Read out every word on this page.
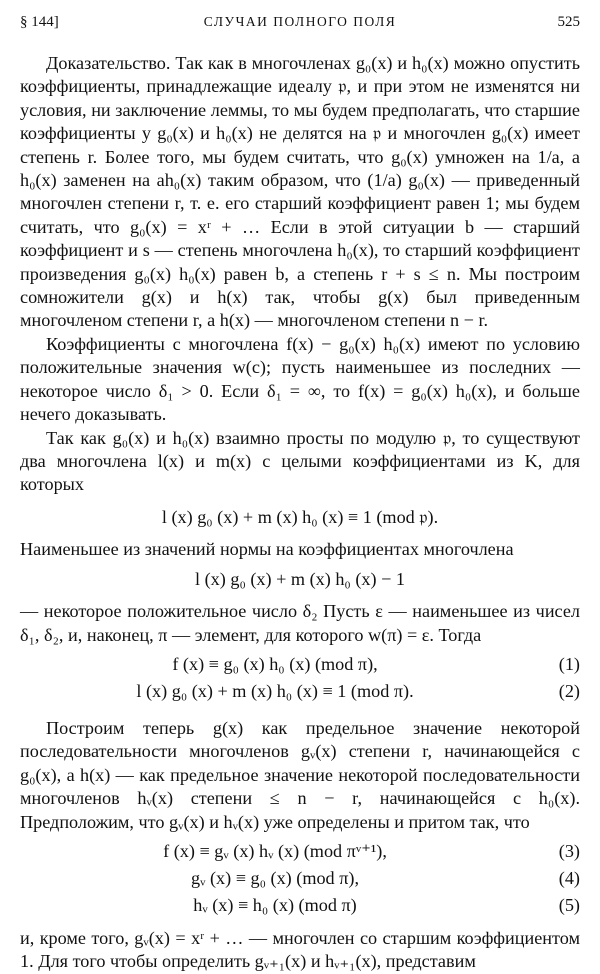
§ 144]	СЛУЧАИ ПОЛНОГО ПОЛЯ	525

Доказательство. Так как в многочленах g₀(x) и h₀(x) можно опустить коэффициенты, принадлежащие идеалу 𝔭, и при этом не изменятся ни условия, ни заключение леммы, то мы будем предполагать, что старшие коэффициенты у g₀(x) и h₀(x) не делятся на 𝔭 и многочлен g₀(x) имеет степень r. Более того, мы будем считать, что g₀(x) умножен на 1/a, а h₀(x) заменен на ah₀(x) таким образом, что (1/a) g₀(x) — приведенный многочлен степени r, т. е. его старший коэффициент равен 1; мы будем считать, что g₀(x) = xʳ + … Если в этой ситуации b — старший коэффициент и s — степень многочлена h₀(x), то старший коэффициент произведения g₀(x) h₀(x) равен b, а степень r + s ≤ n. Мы построим сомножители g(x) и h(x) так, чтобы g(x) был приведенным многочленом степени r, а h(x) — многочленом степени n − r.

Коэффициенты с многочлена f(x) − g₀(x) h₀(x) имеют по условию положительные значения w(c); пусть наименьшее из последних — некоторое число δ₁ > 0. Если δ₁ = ∞, то f(x) = g₀(x) h₀(x), и больше нечего доказывать.

Так как g₀(x) и h₀(x) взаимно просты по модулю 𝔭, то существуют два многочлена l(x) и m(x) с целыми коэффициентами из K, для которых

l (x) g₀ (x) + m (x) h₀ (x) ≡ 1 (mod 𝔭).

Наименьшее из значений нормы на коэффициентах многочлена

l (x) g₀ (x) + m (x) h₀ (x) − 1

— некоторое положительное число δ₂ Пусть ε — наименьшее из чисел δ₁, δ₂, и, наконец, π — элемент, для которого w(π) = ε. Тогда

f (x) ≡ g₀ (x) h₀ (x) (mod π),	(1)
l (x) g₀ (x) + m (x) h₀ (x) ≡ 1 (mod π).	(2)

Построим теперь g(x) как предельное значение некоторой последовательности многочленов gᵥ(x) степени r, начинающейся с g₀(x), а h(x) — как предельное значение некоторой последовательности многочленов hᵥ(x) степени ≤ n − r, начинающейся с h₀(x). Предположим, что gᵥ(x) и hᵥ(x) уже определены и притом так, что

f (x) ≡ gᵥ (x) hᵥ (x) (mod πᵛ⁺¹),	(3)
gᵥ (x) ≡ g₀ (x) (mod π),	(4)
hᵥ (x) ≡ h₀ (x) (mod π)	(5)

и, кроме того, gᵥ(x) = xʳ + … — многочлен со старшим коэффициентом 1. Для того чтобы определить gᵥ₊₁(x) и hᵥ₊₁(x), представим
